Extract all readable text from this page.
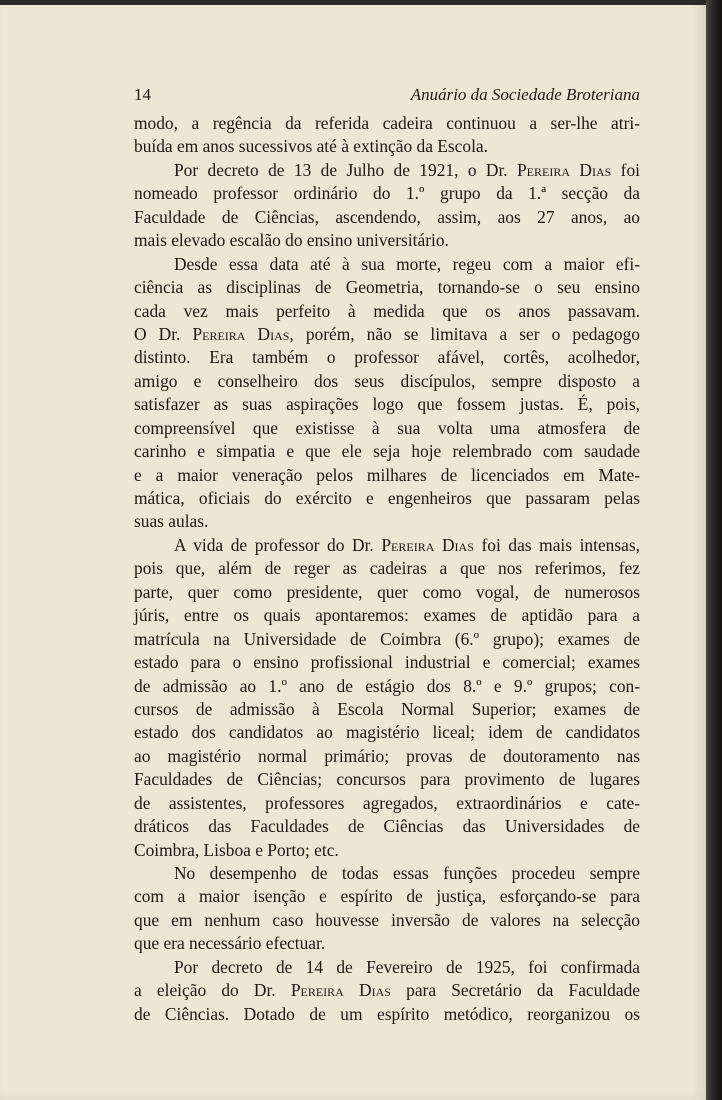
14	Anuário da Sociedade Broteriana
modo, a regência da referida cadeira continuou a ser-lhe atri-
buída em anos sucessivos até à extinção da Escola.
Por decreto de 13 de Julho de 1921, o Dr. Pereira Dias foi
nomeado professor ordinário do 1.º grupo da 1.ª secção da
Faculdade de Ciências, ascendendo, assim, aos 27 anos, ao
mais elevado escalão do ensino universitário.
Desde essa data até à sua morte, regeu com a maior efi-
ciência as disciplinas de Geometria, tornando-se o seu ensino
cada vez mais perfeito à medida que os anos passavam.
O Dr. Pereira Dias, porém, não se limitava a ser o pedagogo
distinto. Era também o professor afável, cortês, acolhedor,
amigo e conselheiro dos seus discípulos, sempre disposto a
satisfazer as suas aspirações logo que fossem justas. É, pois,
compreensível que existisse à sua volta uma atmosfera de
carinho e simpatia e que ele seja hoje relembrado com saudade
e a maior veneração pelos milhares de licenciados em Mate-
mática, oficiais do exército e engenheiros que passaram pelas
suas aulas.
A vida de professor do Dr. Pereira Dias foi das mais intensas,
pois que, além de reger as cadeiras a que nos referimos, fez
parte, quer como presidente, quer como vogal, de numerosos
júris, entre os quais apontaremos: exames de aptidão para a
matrícula na Universidade de Coimbra (6.º grupo); exames de
estado para o ensino profissional industrial e comercial; exames
de admissão ao 1.º ano de estágio dos 8.º e 9.º grupos; con-
cursos de admissão à Escola Normal Superior; exames de
estado dos candidatos ao magistério liceal; idem de candidatos
ao magistério normal primário; provas de doutoramento nas
Faculdades de Ciências; concursos para provimento de lugares
de assistentes, professores agregados, extraordinários e cate-
dráticos das Faculdades de Ciências das Universidades de
Coimbra, Lisboa e Porto; etc.
No desempenho de todas essas funções procedeu sempre
com a maior isenção e espírito de justiça, esforçando-se para
que em nenhum caso houvesse inversão de valores na selecção
que era necessário efectuar.
Por decreto de 14 de Fevereiro de 1925, foi confirmada
a eleição do Dr. Pereira Dias para Secretário da Faculdade
de Ciências. Dotado de um espírito metódico, reorganizou os
